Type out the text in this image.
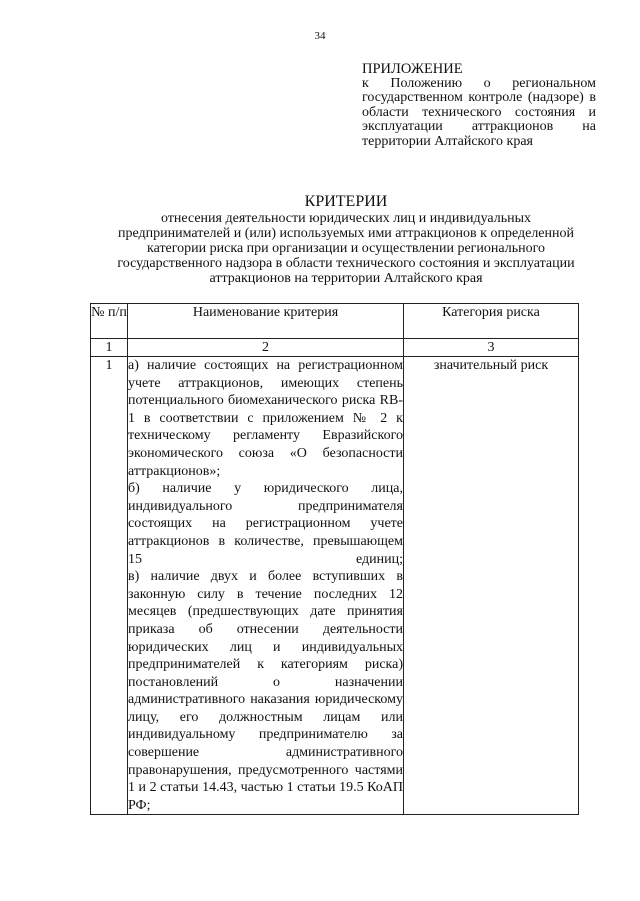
34
ПРИЛОЖЕНИЕ
к Положению о региональном государственном контроле (надзоре) в области технического состояния и эксплуатации аттракционов на территории Алтайского края
КРИТЕРИИ
отнесения деятельности юридических лиц и индивидуальных предпринимателей и (или) используемых ими аттракционов к определенной категории риска при организации и осуществлении регионального государственного надзора в области технического состояния и эксплуатации аттракционов на территории Алтайского края
№ п/п	Наименование критерия	Категория риска
1	2	3
1	а) наличие состоящих на регистрационном учете аттракционов, имеющих степень потенциального биомеханического риска RB-1 в соответствии с приложением № 2 к техническому регламенту Евразийского экономического союза «О безопасности аттракционов»;
б) наличие у юридического лица, индивидуального предпринимателя состоящих на регистрационном учете аттракционов в количестве, превышающем 15 единиц;
в) наличие двух и более вступивших в законную силу в течение последних 12 месяцев (предшествующих дате принятия приказа об отнесении деятельности юридических лиц и индивидуальных предпринимателей к категориям риска) постановлений о назначении административного наказания юридическому лицу, его должностным лицам или индивидуальному предпринимателю за совершение административного правонарушения, предусмотренного частями 1 и 2 статьи 14.43, частью 1 статьи 19.5 КоАП РФ;	значительный риск
